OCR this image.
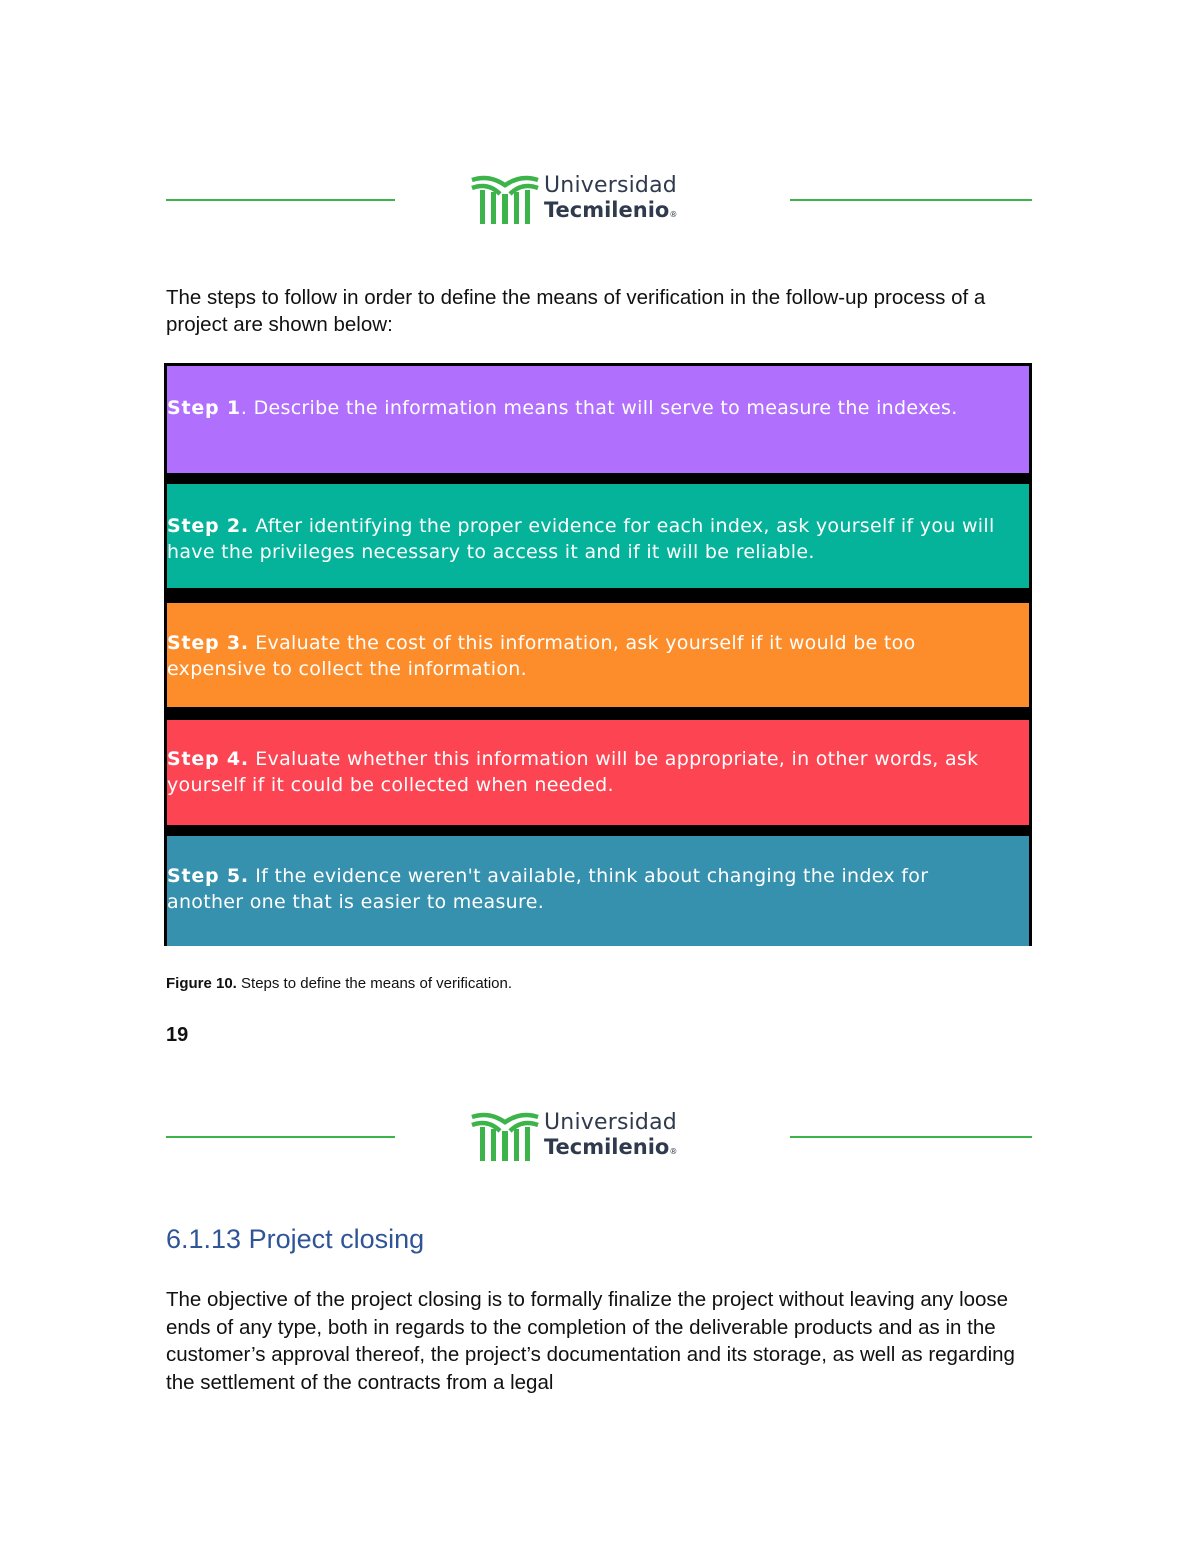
Universidad
Tecmilenio®

The steps to follow in order to define the means of verification in the follow-up process of a project are shown below:

Step 1. Describe the information means that will serve to measure the indexes.
Step 2. After identifying the proper evidence for each index, ask yourself if you will have the privileges necessary to access it and if it will be reliable.
Step 3. Evaluate the cost of this information, ask yourself if it would be too expensive to collect the information.
Step 4. Evaluate whether this information will be appropriate, in other words, ask yourself if it could be collected when needed.
Step 5. If the evidence weren't available, think about changing the index for another one that is easier to measure.

Figure 10. Steps to define the means of verification.

19

Universidad
Tecmilenio®
6.1.13 Project closing

The objective of the project closing is to formally finalize the project without leaving any loose ends of any type, both in regards to the completion of the deliverable products and as in the customer’s approval thereof, the project’s documentation and its storage, as well as regarding the settlement of the contracts from a legal
